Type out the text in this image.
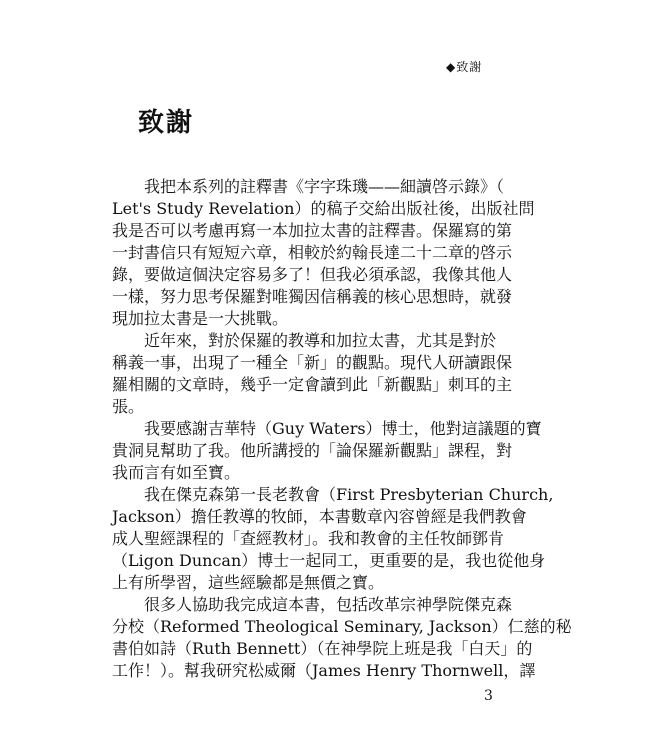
◆致謝
致謝
我把本系列的註釋書《字字珠璣——細讀啓示錄》（
Let's Study Revelation）的稿子交給出版社後，出版社問
我是否可以考慮再寫一本加拉太書的註釋書。保羅寫的第
一封書信只有短短六章，相較於約翰長達二十二章的啓示
錄，要做這個決定容易多了！但我必須承認，我像其他人
一樣，努力思考保羅對唯獨因信稱義的核心思想時，就發
現加拉太書是一大挑戰。
近年來，對於保羅的教導和加拉太書，尤其是對於
稱義一事，出現了一種全「新」的觀點。現代人研讀跟保
羅相關的文章時，幾乎一定會讀到此「新觀點」刺耳的主
張。
我要感謝吉華特（Guy Waters）博士，他對這議題的寶
貴洞見幫助了我。他所講授的「論保羅新觀點」課程，對
我而言有如至寶。
我在傑克森第一長老教會（First Presbyterian Church,
Jackson）擔任教導的牧師，本書數章內容曾經是我們教會
成人聖經課程的「查經教材」。我和教會的主任牧師鄧肯
（Ligon Duncan）博士一起同工，更重要的是，我也從他身
上有所學習，這些經驗都是無價之寶。
很多人協助我完成這本書，包括改革宗神學院傑克森
分校（Reformed Theological Seminary, Jackson）仁慈的秘
書伯如詩（Ruth Bennett）（在神學院上班是我「白天」的
工作！）。幫我研究松威爾（James Henry Thornwell，譯
3
